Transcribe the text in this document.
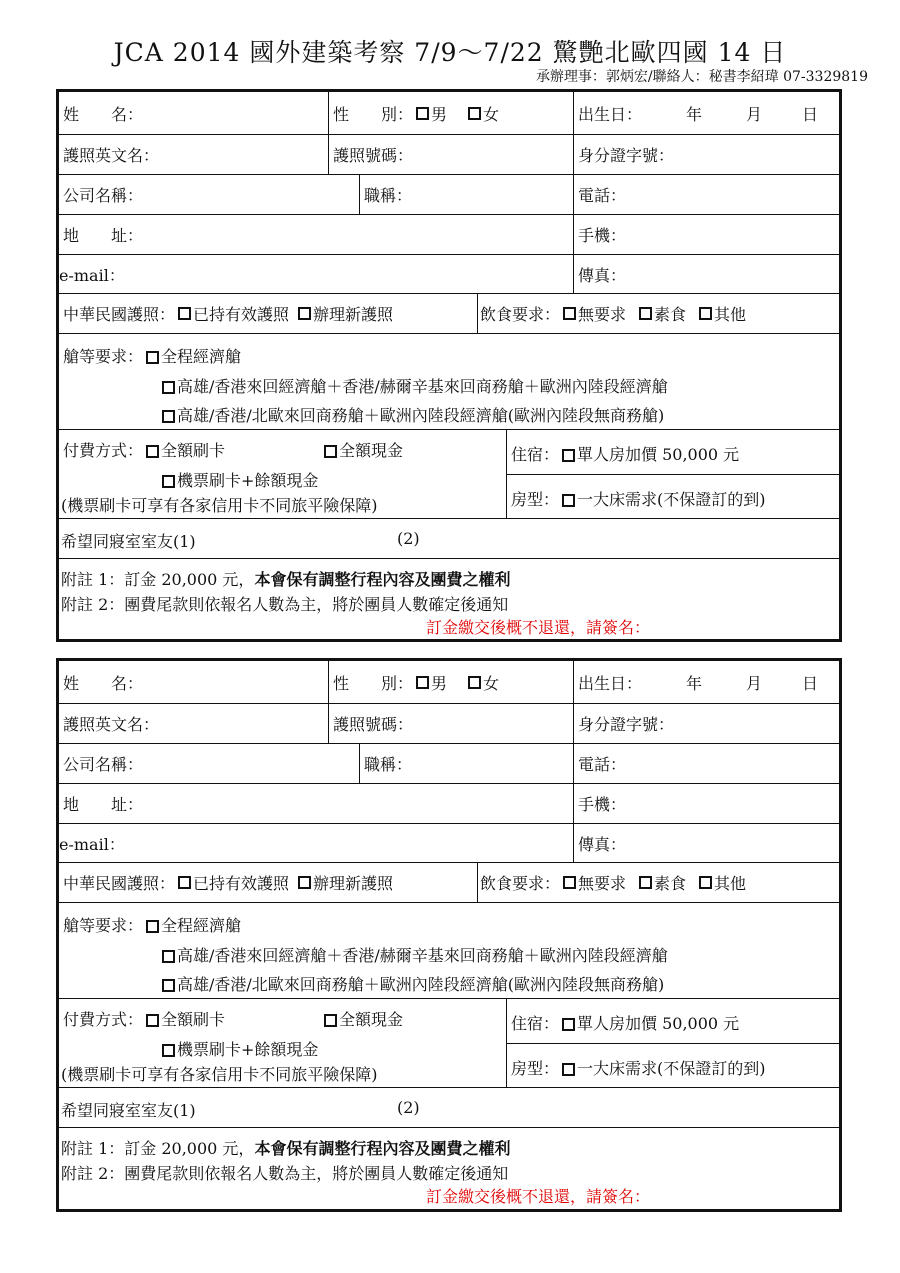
JCA 2014 國外建築考察 7/9～7/22 驚艷北歐四國 14 日
承辦理事：郭炳宏/聯絡人：秘書李紹瑋 07-3329819
姓　　名：	性　　別： 男 女	出生日：	年	月	日
護照英文名：	護照號碼：	身分證字號：
公司名稱：	職稱：	電話：
地　　址：	手機：
e-mail：	傳真：
中華民國護照： 已持有效護照 辦理新護照	飲食要求： 無要求 素食 其他
艙等要求： 全程經濟艙
高雄/香港來回經濟艙＋香港/赫爾辛基來回商務艙＋歐洲內陸段經濟艙
高雄/香港/北歐來回商務艙＋歐洲內陸段經濟艙(歐洲內陸段無商務艙)
付費方式： 全額刷卡	全額現金
機票刷卡+餘額現金
(機票刷卡可享有各家信用卡不同旅平險保障)
住宿： 單人房加價 50,000 元
房型： 一大床需求(不保證訂的到)
希望同寢室室友(1)	(2)
附註 1：訂金 20,000 元，本會保有調整行程內容及團費之權利
附註 2：團費尾款則依報名人數為主，將於團員人數確定後通知
訂金繳交後概不退還，請簽名：
姓　　名：	性　　別： 男 女	出生日：	年	月	日
護照英文名：	護照號碼：	身分證字號：
公司名稱：	職稱：	電話：
地　　址：	手機：
e-mail：	傳真：
中華民國護照： 已持有效護照 辦理新護照	飲食要求： 無要求 素食 其他
艙等要求： 全程經濟艙
高雄/香港來回經濟艙＋香港/赫爾辛基來回商務艙＋歐洲內陸段經濟艙
高雄/香港/北歐來回商務艙＋歐洲內陸段經濟艙(歐洲內陸段無商務艙)
付費方式： 全額刷卡	全額現金
機票刷卡+餘額現金
(機票刷卡可享有各家信用卡不同旅平險保障)
住宿： 單人房加價 50,000 元
房型： 一大床需求(不保證訂的到)
希望同寢室室友(1)	(2)
附註 1：訂金 20,000 元，本會保有調整行程內容及團費之權利
附註 2：團費尾款則依報名人數為主，將於團員人數確定後通知
訂金繳交後概不退還，請簽名：
